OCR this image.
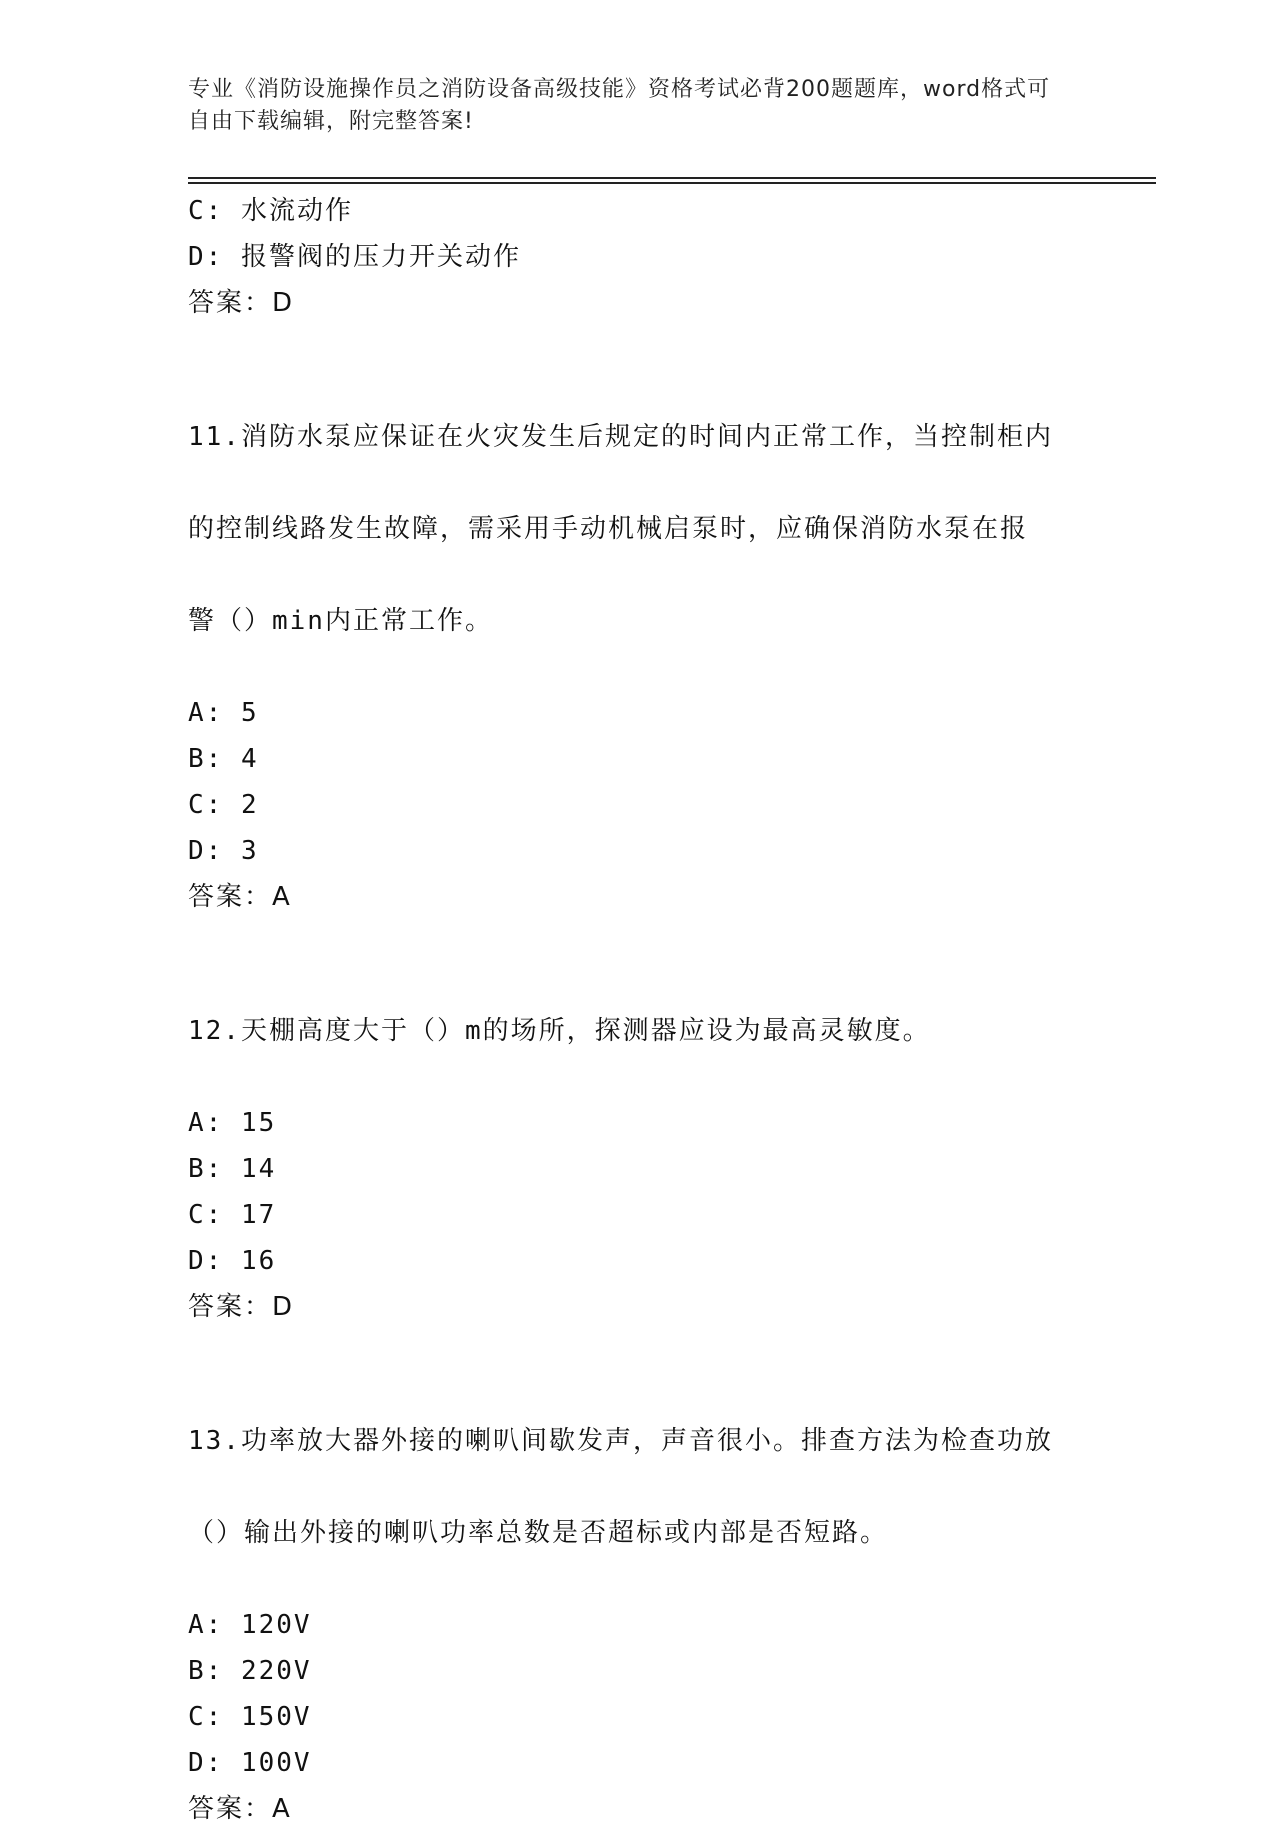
专业《消防设施操作员之消防设备高级技能》资格考试必背200题题库，word格式可自由下载编辑，附完整答案!
C: 水流动作
D: 报警阀的压力开关动作
答案：D

11.消防水泵应保证在火灾发生后规定的时间内正常工作，当控制柜内

的控制线路发生故障，需采用手动机械启泵时，应确保消防水泵在报

警（）min内正常工作。

A: 5
B: 4
C: 2
D: 3
答案：A

12.天棚高度大于（）m的场所，探测器应设为最高灵敏度。

A: 15
B: 14
C: 17
D: 16
答案：D

13.功率放大器外接的喇叭间歇发声，声音很小。排查方法为检查功放

（）输出外接的喇叭功率总数是否超标或内部是否短路。

A: 120V
B: 220V
C: 150V
D: 100V
答案：A
